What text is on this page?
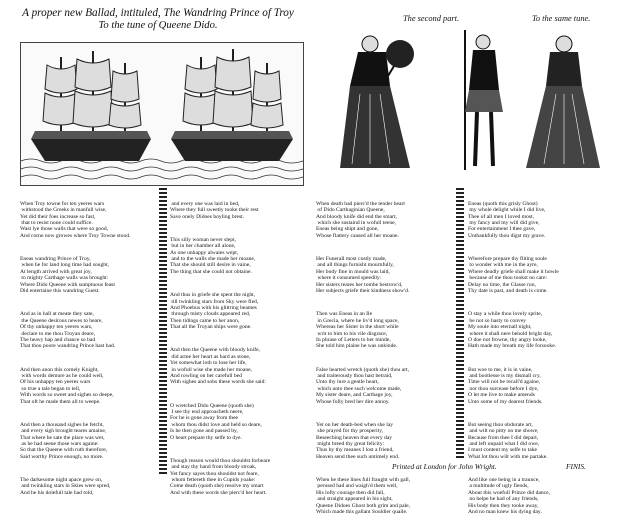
A proper new Ballad, intituled, The Wandring Prince of Troy
To the tune of Queene Dido.

When Troy towne for ten yeeres wars
withstood the Greeks in manfull wise,
Yet did their foes increase so fast,
that to resist none could suffice.
Wast lye those walls that were so good,
And corne now growes where Troy Towne stood.

Eneas wandring Prince of Troy,
when he for land long time had sought,
At length arrived with great joy,
to mighty Carthage walls was brought:
Where Dido Queene with sumptuous feast
Did entertaine this wandring Guest.

And as in hall at meate they sate,
the Queene desirous newes to heare,
Of thy unhappy ten yeeres wars,
declare to me thou Troyan deare,
The heavy hap and chance so bad
That thou poore wandring Prince hast had.

And then anon this comely Knight,
with words demure as he could well,
Of his unhappy ten yeeres wars
so true a tale began to tell,
With words so sweet and sighes so deepe,
That oft he made them all to weepe.

And then a thousand sighes he fetcht,
and every sigh brought teares amaine,
That where he sate the place was wet,
as he had seene those wars againe:
So that the Queene with ruth therefore,
Said worthy Prince enough, no more.

The darkesome night apace grew on,
and twinkling stars in Skies were spred,
And he his dolefull tale had told,

and every one was laid in bed,
Where they full sweetly tooke their rest
Save onely Didoes boyling brest.

This silly woman never slept,
but in her chamber all alone,
As one unhappy alwaies wept,
and to the walls she made her moane,
That she should still desire in vaine,
The thing that she could not obtaine.

And thus in griefe she spent the night,
till twinkling stars from Sky were fled,
And Phoebus with his glittring beames
through misty clouds appeared red,
Then tidings came to her anon,
That all the Troyan ships were gone.

And then the Queene with bloody knife,
did arme her heart as hard as stone,
Yet somewhat loth to lose her life,
in wofull wise she made her moane,
And rowling on her carefull bed
With sighes and sobs these words she said:

O wretched Dido Queene (quoth she)
I see thy end approacheth neere,
For he is gone away from thee
whom thou didst love and held so deare,
Is he then gone and passed by,
O heart prepare thy selfe to dye.

Though reason would thou shouldst forbeare
and stay thy hand from bloody stroak,
Yet fancy sayes thou shouldst not feare,
whom fettereth thee in Cupids yoake:
Come death (quoth she) resolve my smart
And with these words she pierc'd her heart.

The second part.	To the same tune.

When death had pierc'd the tender heart
of Dido Carthaginian Queene,
And bloody knife did end the smart,
which she sustaind in wofull teene,
Eneas being shipt and gone,
Whose flattery caused all her moane.

Her Funerall most costly made,
and all things furnisht mournfully,
Her body fine in mould was laid,
where it consumed speedily:
Her sisters teares her tombe bestrow'd,
Her subjects griefe their kindness show'd.

Then was Eneas in an Ile
in Grecia, where he liv'd long space,
Whereas her Sister in the short while
writ to him to his vile disgrace,
In phrase of Letters to her minde,
She told him plaine he was unkinde.

False hearted wretch (quoth she) thou art,
and traiterously thou hast betraid,
Unto thy lure a gentle heart,
which unto thee such welcome made,
My sister deare, and Carthage joy,
Whose folly bred her dire annoy.

Yet on her death-bed when she lay
she prayed for thy prosperity,
Beseeching heaven that every day
might breed thy great felicity:
Thus by thy meanes I lost a friend,
Heaven send thee such untimely end.

When he these lines full fraught with gall,
perused had and waigh'd them well,
His lofty courage then did fall,
and straight appeared in his sight,
Queene Didoes Ghost both grim and pale,
Which made this gallant Souldier quaile.

Eneas (quoth this grisly Ghost)
my whole delight while I did live,
Thee of all men I loved most,
my fancy and my will did give,
For entertainment I thee gave,
Unthankfully thou digst my grave.

Wherefore prepare thy fliting soule
to wonder with me in the ayre,
Where deadly griefe shall make it howle
because of me thou tookst no care:
Delay no time, the Glasse run,
Thy date is past, and death is come.

O stay a while thou lovely sprite,
be not so hasty to convey
My soule into eternall night,
where it shall nere behold bright day,
O doe not frowne, thy angry looke,
Hath made my breath my life forsooke.

But woe to me, it is in vaine,
and bootlesse is my dismall cry,
Time will not be recall'd againe,
nor thou surcease before I dye,
O let me live to make amends
Unto some of my dearest friends.

But seeing thou obdurate art,
and wilt no pitty on me showe,
Because from thee I did depart,
and left unpaid what I did owe,
I must content my selfe to take
What lot thou wilt with me partake.

And like one being in a traunce,
a multitude of ugly fiends,
About this woefull Prince did dance,
no helpe he had of any friends,
His body then they tooke away,
And no man knew his dying day.

Printed at London for John Wright.	FINIS.
